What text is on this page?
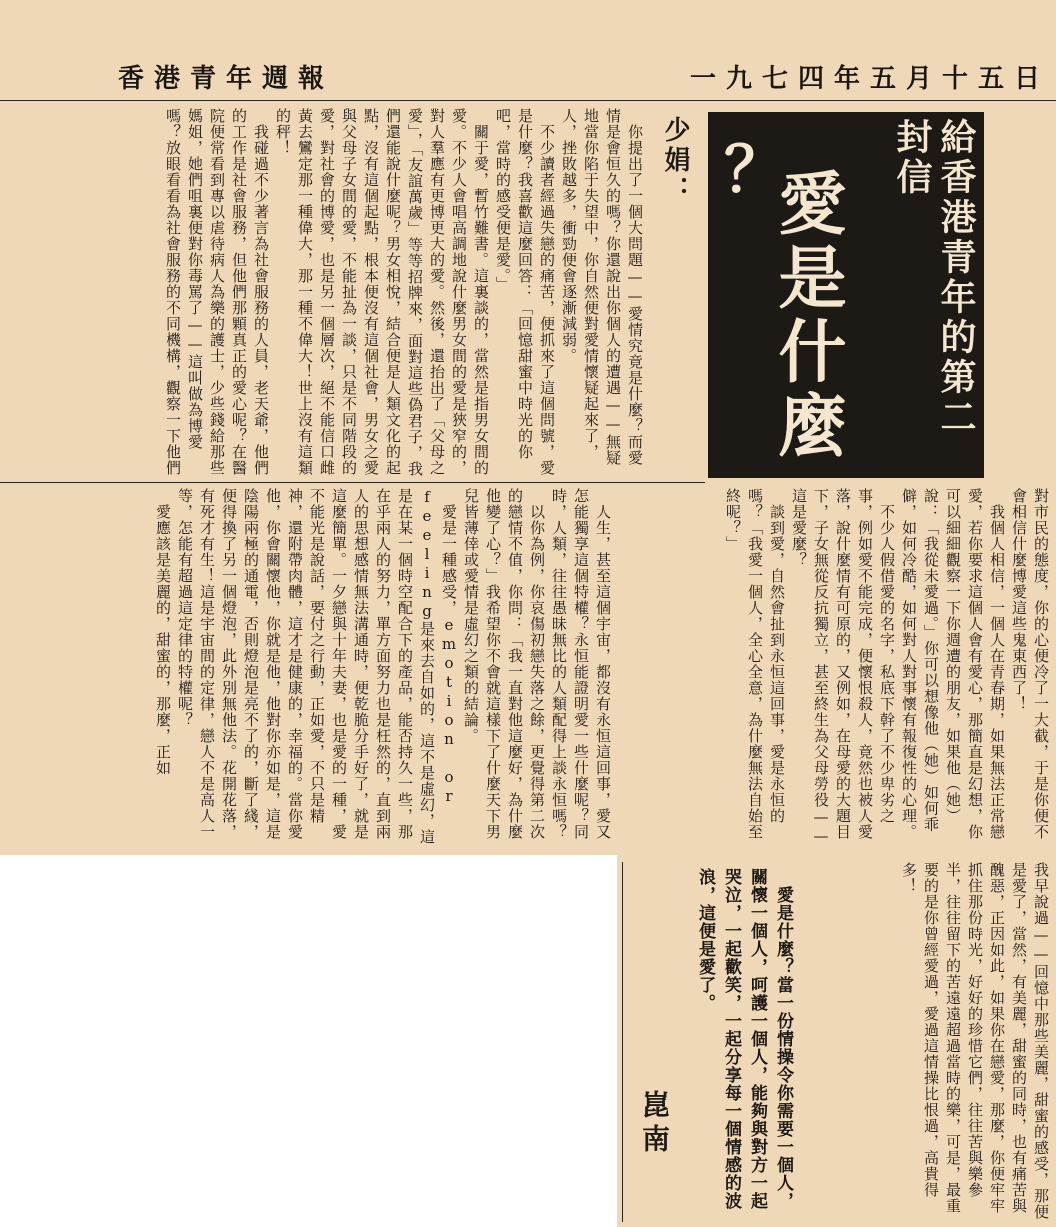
香港青年週報	一九七四年五月十五日
給香港青年的第二封信
愛是什麼
？
少娟：
　你提出了一個大問題——愛情究竟是什麼？而愛情是會恒久的嗎？你還說出你個人的遭遇——無疑地當你陷于失望中，你自然便對愛情懷疑起來了，人，挫敗越多，衝勁便會逐漸減弱。
　不少讀者經過失戀的痛苦，便抓來了這個問號，愛是什麼？我喜歡這麼回答：「回憶甜蜜中時光的你吧，當時的感受便是愛。」
　關于愛，暫竹難書。這裏談的，當然是指男女間的愛。不少人會唱高調地說什麼男女間的愛是狹窄的，對人羣應有更博更大的愛。然後，還抬出了「父母之愛」，「友誼萬歲」等等招牌來，面對這些偽君子，我們還能說什麼呢？男女相悅，結合便是人類文化的起點，沒有這個起點，根本便沒有這個社會，男女之愛與父母子女間的愛，不能扯為一談，只是不同階段的愛，對社會的博愛，也是另一個層次，絕不能信口雌黃去鸞定那一種偉大，那一種不偉大！世上沒有這類的秤！
　我碰過不少著言為社會服務的人員，老天爺，他們的工作是社會服務，但他們那顆真正的愛心呢？在醫院便常看到專以虐待病人為樂的護士，少些錢給那些媽姐，她們咀裏便對你毒罵了——這叫做為博愛嗎？放眼看看為社會服務的不同機構，觀察一下他們
對市民的態度，你的心便冷了一大截，于是你便不會相信什麼博愛這些鬼東西了！
　我個人相信，一個人在青春期，如果無法正常戀愛，若你要求這個人會有愛心，那簡直是幻想，你可以細細觀察一下你週遭的朋友，如果他（她）說：「我從未愛過。」你可以想像他（她）如何乖僻，如何冷酷，如何對人對事懷有報復性的心理。
　不少人假借愛的名字，私底下幹了不少卑劣之事，例如愛不能完成，便懷恨殺人，竟然也被人愛落，說什麼情有可原的，又例如，在母愛的大題目下，子女無從反抗獨立，甚至終生為父母勞役——這是愛麼？
　談到愛，自然會扯到永恒這回事，愛是永恒的嗎？「我愛一個人，全心全意，為什麼無法自始至終呢？」
　人生，甚至這個宇宙，都沒有永恒這回事，愛又怎能獨享這個特權？永恒能證明愛一些什麼呢？同時，人類，往往愚昧無比的人類配得上談永恒嗎？
　以你為例，你哀傷初戀失落之餘，更覺得第二次的戀情不值，你問：「我一直對他這麼好，為什麼他變了心？」我希望你不會就這樣下了什麼天下男兒皆薄倖或愛情是虛幻之類的結論。
　愛是一種感受，emotion or feeling是來去自如的，這不是虛幻，這是在某一個時空配合下的產品，能否持久一些，那在乎兩人的努力，單方面努力也是枉然的，直到兩人的思想感情無法溝通時，便乾脆分手好了，就是這麼簡單。一夕戀與十年夫妻，也是愛的一種，愛不能光是說話，要付之行動，正如愛，不只是精神，還附帶肉體，這才是健康的，幸福的。當你愛他，你會關懷他，你就是他，他對你亦如是，這是陰陽兩極的通電，否則燈泡是亮不了的，斷了綫，便得換了另一個燈泡，此外別無他法。花開花落，有死才有生！這是宇宙間的定律，戀人不是高人一等，怎能有超過這定律的特權呢？
　愛應該是美麗的，甜蜜的，那麼，正如
我早說過——回憶中那些美麗，甜蜜的感受，那便是愛了，當然，有美麗，甜蜜的同時，也有痛苦與醜惡，正因如此，如果你在戀愛，那麼，你便牢牢抓住那份時光，好好的珍惜它們，往往苦與樂參半，往往留下的苦遠遠超過當時的樂，可是，最重要的是你曾經愛過，愛過這情操比恨過，高貴得多！
　愛是什麼？當一份情操令你需要一個人，關懷一個人，呵護一個人，能夠與對方一起哭泣，一起歡笑，一起分享每一個情感的波浪，這便是愛了。
崑南
